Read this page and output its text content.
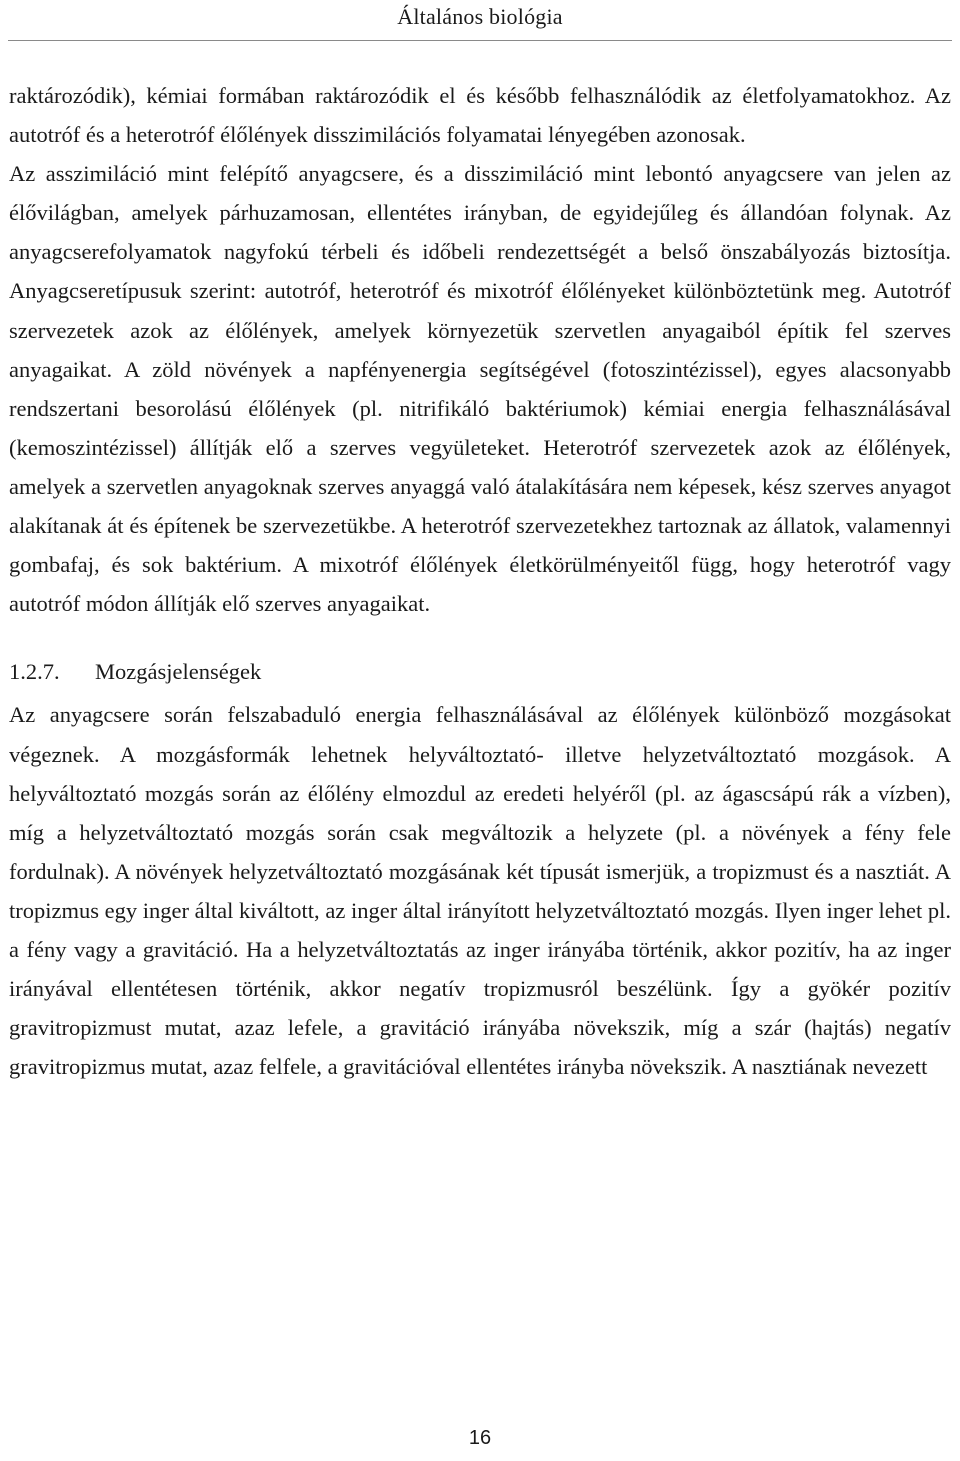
Általános biológia

raktározódik), kémiai formában raktározódik el és később felhasználódik az életfolyamatokhoz. Az autotróf és a heterotróf élőlények disszimilációs folyamatai lényegében azonosak.

Az asszimiláció mint felépítő anyagcsere, és a disszimiláció mint lebontó anyagcsere van jelen az élővilágban, amelyek párhuzamosan, ellentétes irányban, de egyidejűleg és állandóan folynak. Az anyagcserefolyamatok nagyfokú térbeli és időbeli rendezettségét a belső önszabályozás biztosítja. Anyagcseretípusuk szerint: autotróf, heterotróf és mixotróf élőlényeket különböztetünk meg. Autotróf szervezetek azok az élőlények, amelyek környezetük szervetlen anyagaiból építik fel szerves anyagaikat. A zöld növények a napfényenergia segítségével (fotoszintézissel), egyes alacsonyabb rendszertani besorolású élőlények (pl. nitrifikáló baktériumok) kémiai energia felhasználásával (kemoszintézissel) állítják elő a szerves vegyületeket. Heterotróf szervezetek azok az élőlények, amelyek a szervetlen anyagoknak szerves anyaggá való átalakítására nem képesek, kész szerves anyagot alakítanak át és építenek be szervezetükbe. A heterotróf szervezetekhez tartoznak az állatok, valamennyi gombafaj, és sok baktérium. A mixotróf élőlények életkörülményeitől függ, hogy heterotróf vagy autotróf módon állítják elő szerves anyagaikat.

1.2.7. Mozgásjelenségek

Az anyagcsere során felszabaduló energia felhasználásával az élőlények különböző mozgásokat végeznek. A mozgásformák lehetnek helyváltoztató- illetve helyzetváltoztató mozgások. A helyváltoztató mozgás során az élőlény elmozdul az eredeti helyéről (pl. az ágascsápú rák a vízben), míg a helyzetváltoztató mozgás során csak megváltozik a helyzete (pl. a növények a fény fele fordulnak). A növények helyzetváltoztató mozgásának két típusát ismerjük, a tropizmust és a nasztiát. A tropizmus egy inger által kiváltott, az inger által irányított helyzetváltoztató mozgás. Ilyen inger lehet pl. a fény vagy a gravitáció. Ha a helyzetváltoztatás az inger irányába történik, akkor pozitív, ha az inger irányával ellentétesen történik, akkor negatív tropizmusról beszélünk. Így a gyökér pozitív gravitropizmust mutat, azaz lefele, a gravitáció irányába növekszik, míg a szár (hajtás) negatív gravitropizmus mutat, azaz felfele, a gravitációval ellentétes irányba növekszik. A nasztiának nevezett

16
